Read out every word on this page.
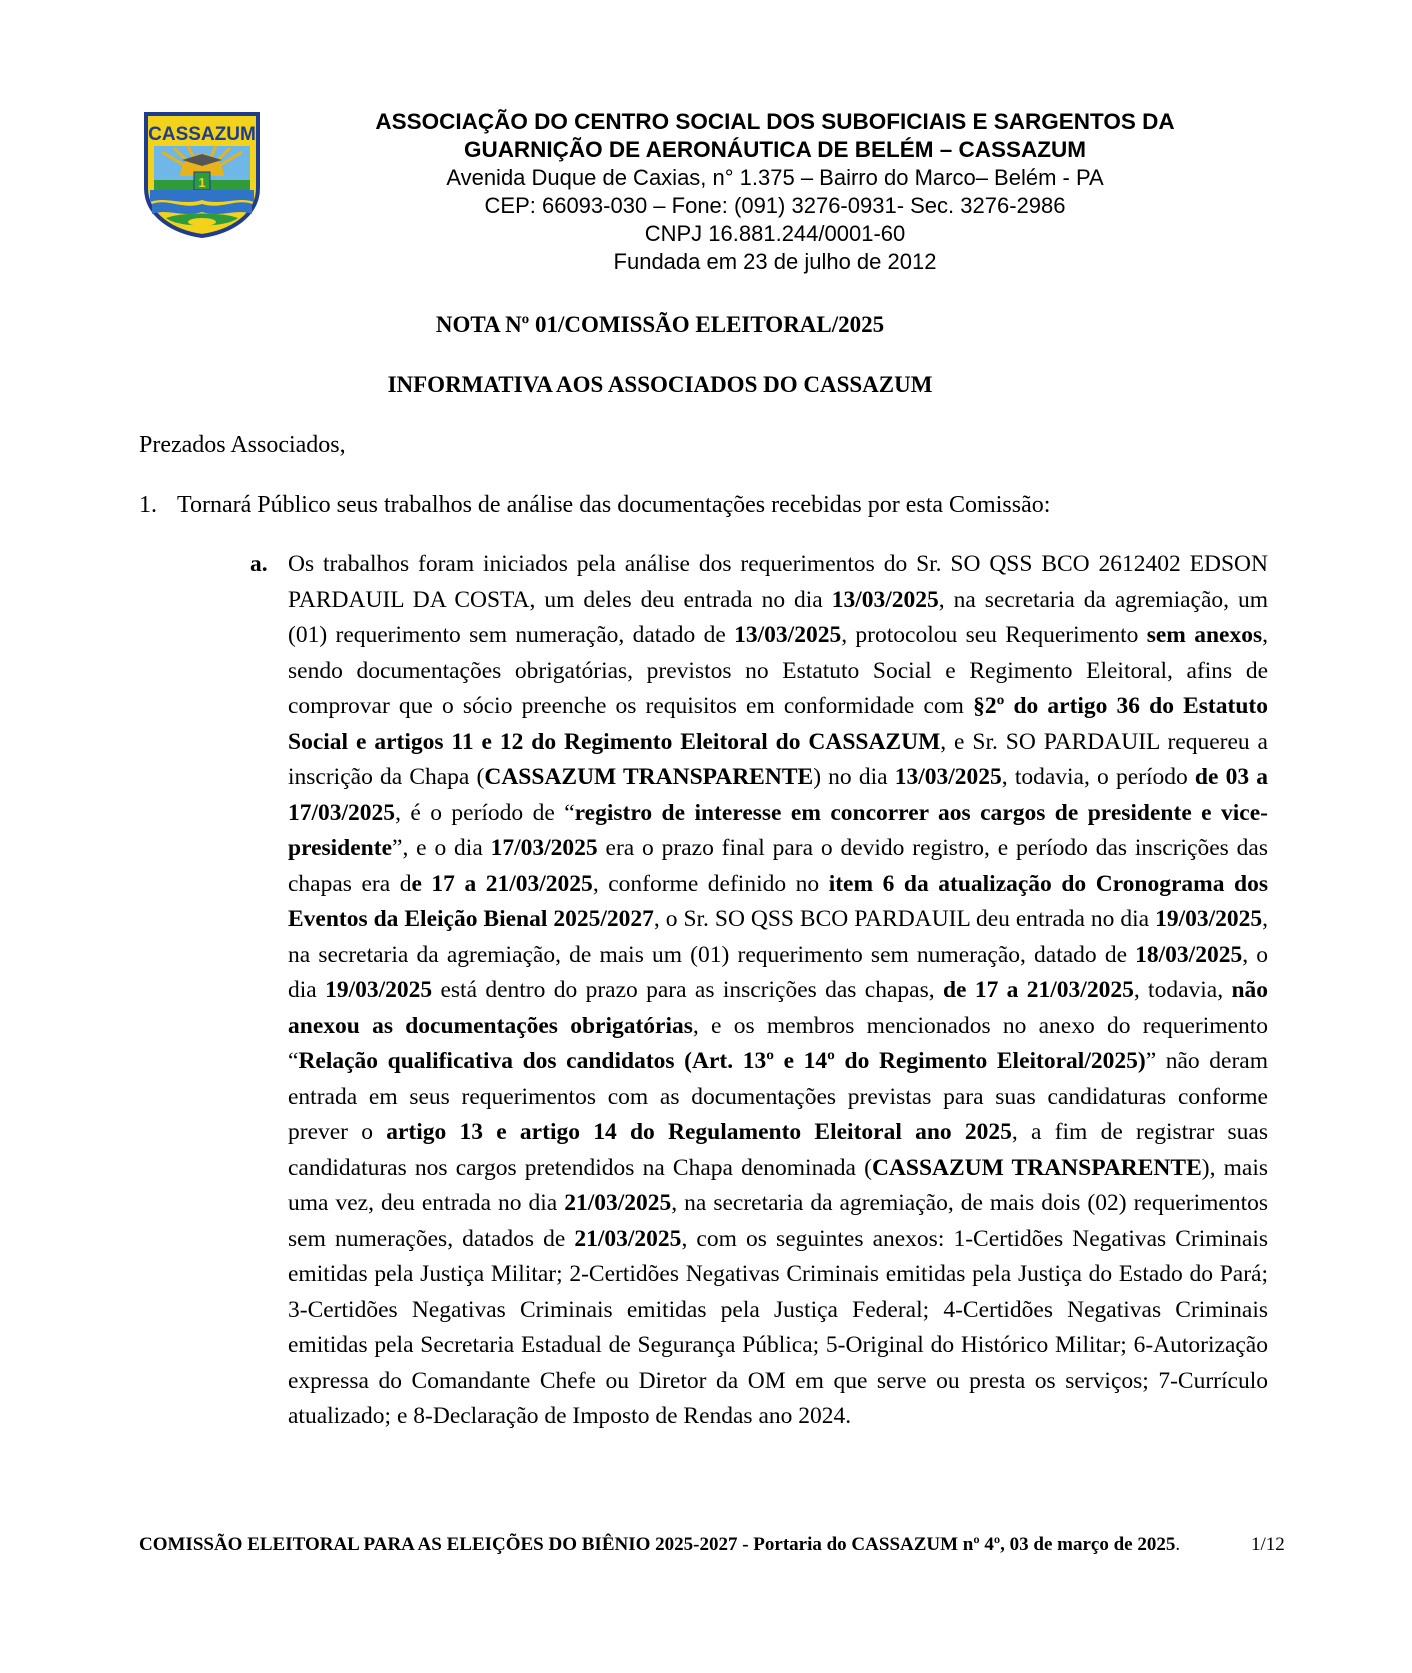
CASSAZUM
1
ASSOCIAÇÃO DO CENTRO SOCIAL DOS SUBOFICIAIS E SARGENTOS DA
GUARNIÇÃO DE AERONÁUTICA DE BELÉM – CASSAZUM
Avenida Duque de Caxias, n° 1.375 – Bairro do Marco– Belém - PA
CEP: 66093-030 – Fone: (091) 3276-0931- Sec. 3276-2986
CNPJ 16.881.244/0001-60
Fundada em 23 de julho de 2012
NOTA Nº 01/COMISSÃO ELEITORAL/2025
INFORMATIVA AOS ASSOCIADOS DO CASSAZUM
Prezados Associados,
1. Tornará Público seus trabalhos de análise das documentações recebidas por esta Comissão:
a. Os trabalhos foram iniciados pela análise dos requerimentos do Sr. SO QSS BCO 2612402 EDSON PARDAUIL DA COSTA, um deles deu entrada no dia 13/03/2025, na secretaria da agremiação, um (01) requerimento sem numeração, datado de 13/03/2025, protocolou seu Requerimento sem anexos, sendo documentações obrigatórias, previstos no Estatuto Social e Regimento Eleitoral, afins de comprovar que o sócio preenche os requisitos em conformidade com §2º do artigo 36 do Estatuto Social e artigos 11 e 12 do Regimento Eleitoral do CASSAZUM, e Sr. SO PARDAUIL requereu a inscrição da Chapa (CASSAZUM TRANSPARENTE) no dia 13/03/2025, todavia, o período de 03 a 17/03/2025, é o período de “registro de interesse em concorrer aos cargos de presidente e vice-presidente”, e o dia 17/03/2025 era o prazo final para o devido registro, e período das inscrições das chapas era de 17 a 21/03/2025, conforme definido no item 6 da atualização do Cronograma dos Eventos da Eleição Bienal 2025/2027, o Sr. SO QSS BCO PARDAUIL deu entrada no dia 19/03/2025, na secretaria da agremiação, de mais um (01) requerimento sem numeração, datado de 18/03/2025, o dia 19/03/2025 está dentro do prazo para as inscrições das chapas, de 17 a 21/03/2025, todavia, não anexou as documentações obrigatórias, e os membros mencionados no anexo do requerimento “Relação qualificativa dos candidatos (Art. 13º e 14º do Regimento Eleitoral/2025)” não deram entrada em seus requerimentos com as documentações previstas para suas candidaturas conforme prever o artigo 13 e artigo 14 do Regulamento Eleitoral ano 2025, a fim de registrar suas candidaturas nos cargos pretendidos na Chapa denominada (CASSAZUM TRANSPARENTE), mais uma vez, deu entrada no dia 21/03/2025, na secretaria da agremiação, de mais dois (02) requerimentos sem numerações, datados de 21/03/2025, com os seguintes anexos: 1-Certidões Negativas Criminais emitidas pela Justiça Militar; 2-Certidões Negativas Criminais emitidas pela Justiça do Estado do Pará; 3-Certidões Negativas Criminais emitidas pela Justiça Federal; 4-Certidões Negativas Criminais emitidas pela Secretaria Estadual de Segurança Pública; 5-Original do Histórico Militar; 6-Autorização expressa do Comandante Chefe ou Diretor da OM em que serve ou presta os serviços; 7-Currículo atualizado; e 8-Declaração de Imposto de Rendas ano 2024.
COMISSÃO ELEITORAL PARA AS ELEIÇÕES DO BIÊNIO 2025-2027 - Portaria do CASSAZUM nº 4º, 03 de março de 2025.	1/12
